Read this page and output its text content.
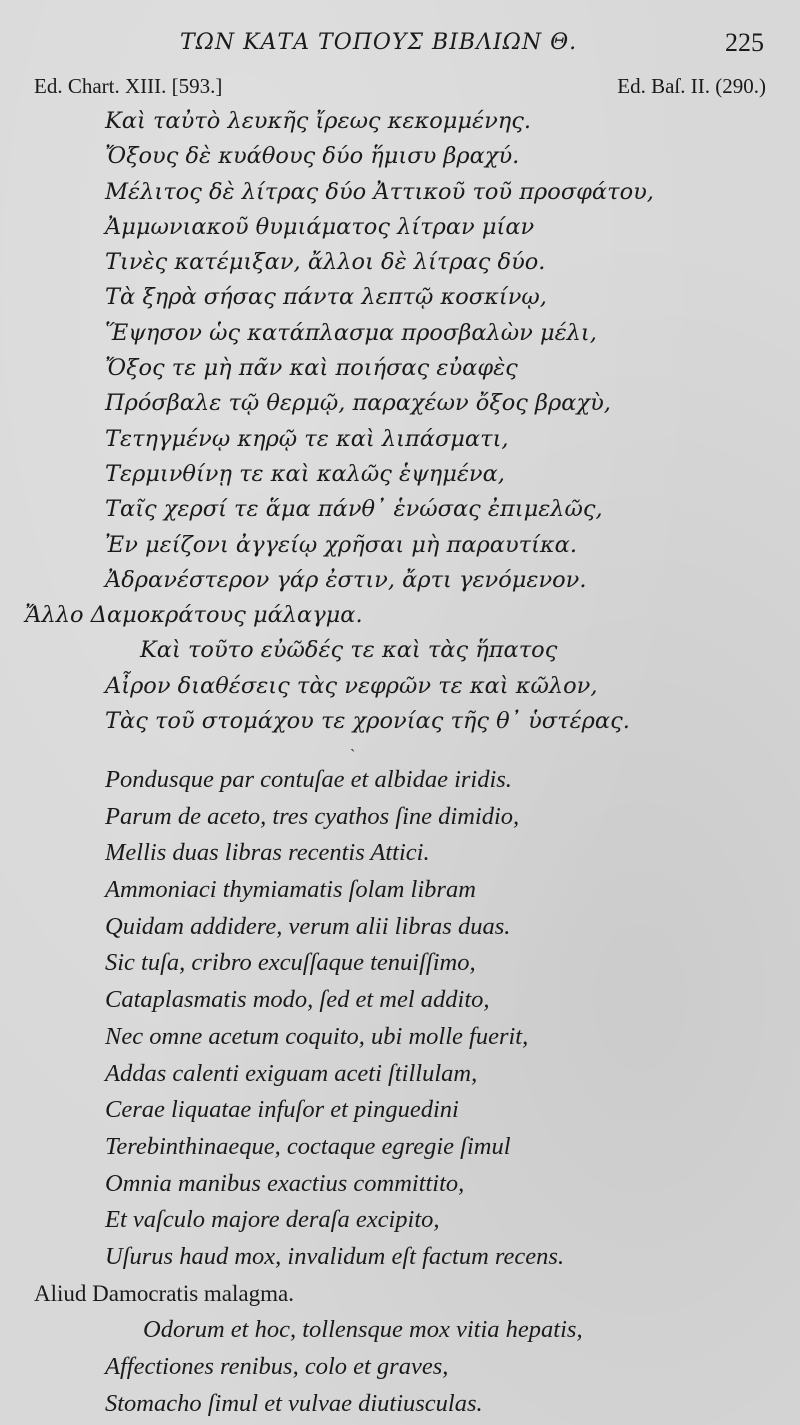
ΤΩΝ ΚΑΤΑ ΤΟΠΟΥΣ ΒΙΒΛΙΩΝ Θ.	225
Ed. Chart. XIII. [593.]	Ed. Baſ. II. (290.)
Καὶ ταὐτὸ λευκῆς ἴρεως κεκομμένης.
Ὄξους δὲ κυάθους δύο ἥμισυ βραχύ.
Μέλιτος δὲ λίτρας δύο Ἀττικοῦ τοῦ προσφάτου,
Ἀμμωνιακοῦ θυμιάματος λίτραν μίαν
Τινὲς κατέμιξαν, ἄλλοι δὲ λίτρας δύο.
Τὰ ξηρὰ σήσας πάντα λεπτῷ κοσκίνῳ,
Ἕψησον ὡς κατάπλασμα προσβαλὼν μέλι,
Ὄξος τε μὴ πᾶν καὶ ποιήσας εὐαφὲς
Πρόσβαλε τῷ θερμῷ, παραχέων ὄξος βραχὺ,
Τετηγμένῳ κηρῷ τε καὶ λιπάσματι,
Τερμινθίνῃ τε καὶ καλῶς ἑψημένα,
Ταῖς χερσί τε ἅμα πάνθ᾽ ἑνώσας ἐπιμελῶς,
Ἐν μείζονι ἀγγείῳ χρῆσαι μὴ παραυτίκα.
Ἀδρανέστερον γάρ ἐστιν, ἄρτι γενόμενον.
Ἄλλο Δαμοκράτους μάλαγμα.
Καὶ τοῦτο εὐῶδές τε καὶ τὰς ἥπατος
Αἶρον διαθέσεις τὰς νεφρῶν τε καὶ κῶλον,
Τὰς τοῦ στομάχου τε χρονίας τῆς θ᾽ ὑστέρας.
˴
Pondusque par contuſae et albidae iridis.
Parum de aceto, tres cyathos ſine dimidio,
Mellis duas libras recentis Attici.
Ammoniaci thymiamatis ſolam libram
Quidam addidere, verum alii libras duas.
Sic tuſa, cribro excuſſaque tenuiſſimo,
Cataplasmatis modo, ſed et mel addito,
Nec omne acetum coquito, ubi molle fuerit,
Addas calenti exiguam aceti ſtillulam,
Cerae liquatae infuſor et pinguedini
Terebinthinaeque, coctaque egregie ſimul
Omnia manibus exactius committito,
Et vaſculo majore deraſa excipito,
Uſurus haud mox, invalidum eſt factum recens.
Aliud Damocratis malagma.
Odorum et hoc, tollensque mox vitia hepatis,
Affectiones renibus, colo et graves,
Stomacho ſimul et vulvae diutiusculas.
